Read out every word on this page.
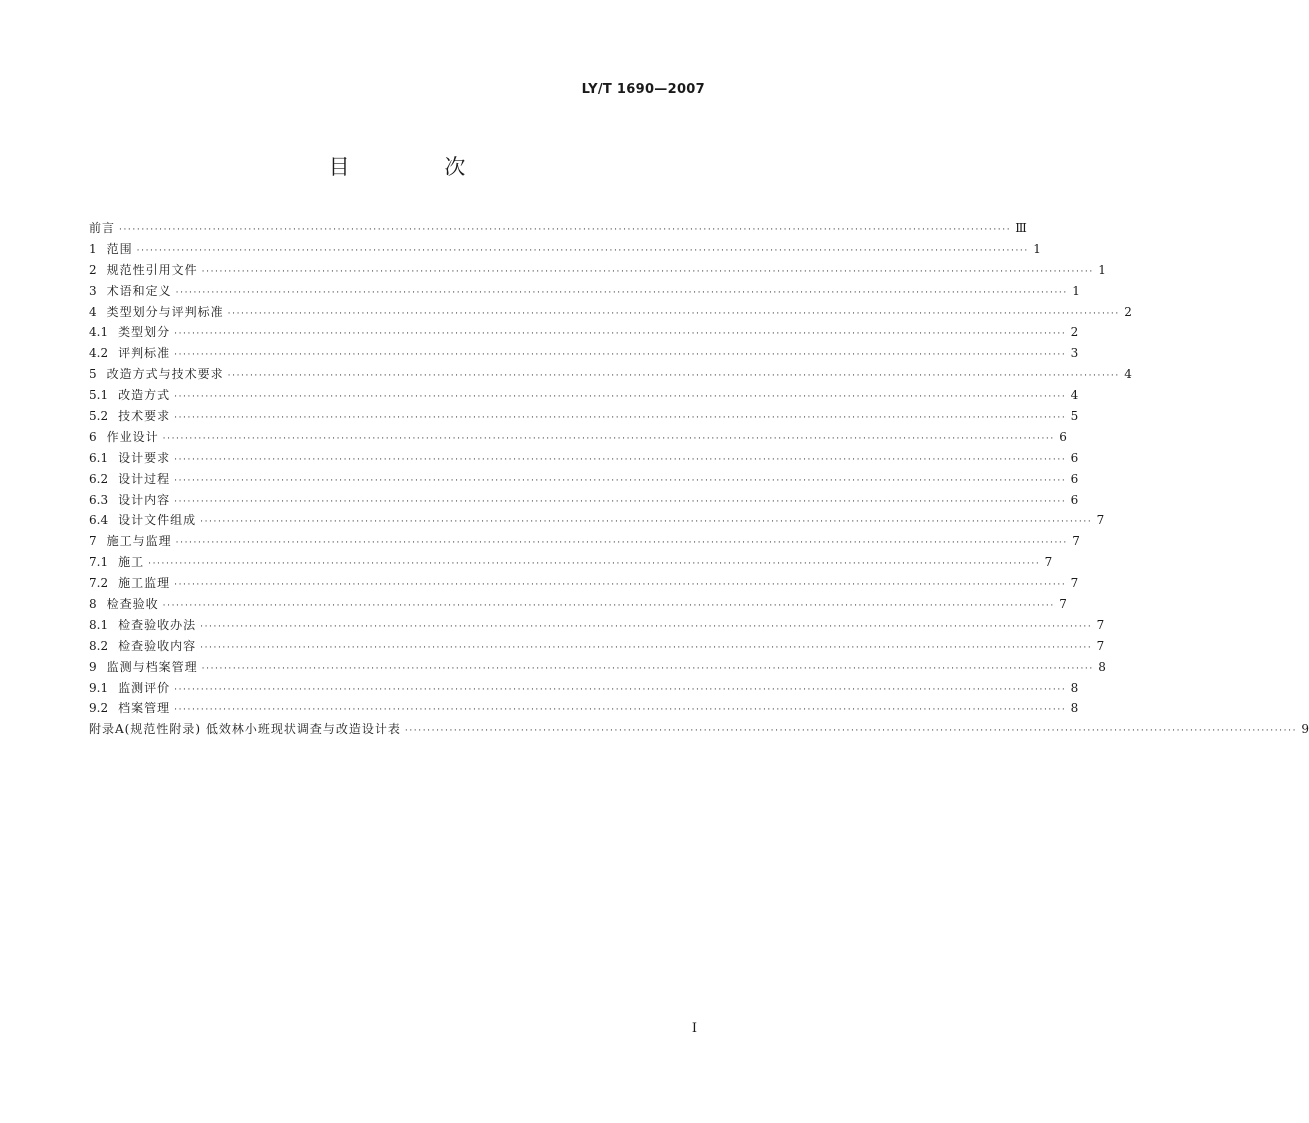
LY/T 1690—2007
目 次
前言 ········································································································································································································ Ⅲ
1 范围 ········································································································································································································ 1
2 规范性引用文件 ········································································································································································································ 1
3 术语和定义 ········································································································································································································ 1
4 类型划分与评判标准 ········································································································································································································ 2
4.1 类型划分 ········································································································································································································ 2
4.2 评判标准 ········································································································································································································ 3
5 改造方式与技术要求 ········································································································································································································ 4
5.1 改造方式 ········································································································································································································ 4
5.2 技术要求 ········································································································································································································ 5
6 作业设计 ········································································································································································································ 6
6.1 设计要求 ········································································································································································································ 6
6.2 设计过程 ········································································································································································································ 6
6.3 设计内容 ········································································································································································································ 6
6.4 设计文件组成 ········································································································································································································ 7
7 施工与监理 ········································································································································································································ 7
7.1 施工 ········································································································································································································ 7
7.2 施工监理 ········································································································································································································ 7
8 检查验收 ········································································································································································································ 7
8.1 检查验收办法 ········································································································································································································ 7
8.2 检查验收内容 ········································································································································································································ 7
9 监测与档案管理 ········································································································································································································ 8
9.1 监测评价 ········································································································································································································ 8
9.2 档案管理 ········································································································································································································ 8
附录A(规范性附录) 低效林小班现状调查与改造设计表 ········································································································································································································ 9
I
